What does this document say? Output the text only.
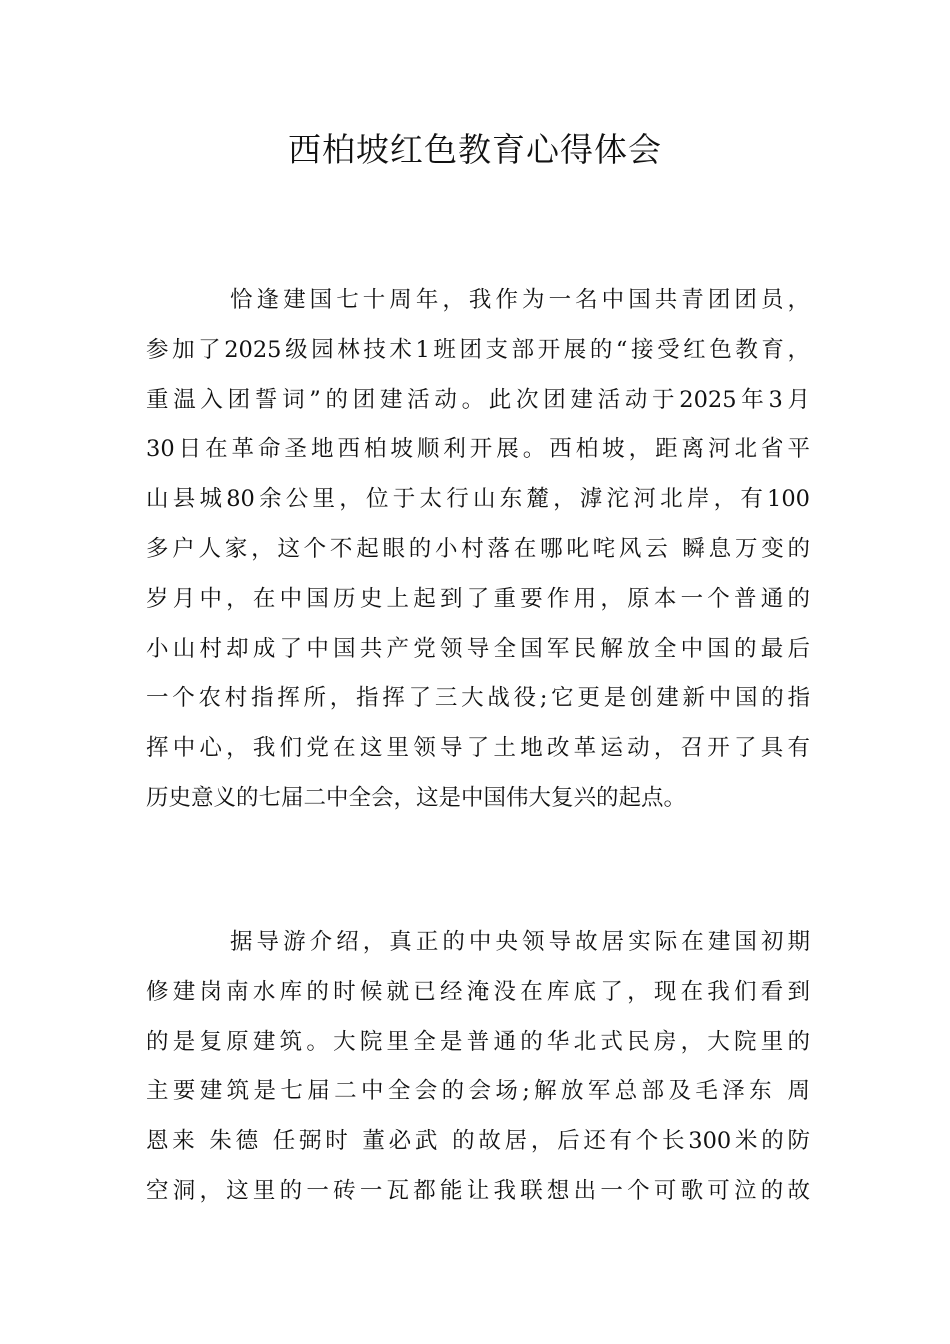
西柏坡红色教育心得体会
恰逢建国七十周年，我作为一名中国共青团团员，
参加了2025级园林技术1班团支部开展的“接受红色教育，
重温入团誓词”的团建活动。此次团建活动于2025年3月
30日在革命圣地西柏坡顺利开展。西柏坡，距离河北省平
山县城80余公里，位于太行山东麓，滹沱河北岸，有100
多户人家，这个不起眼的小村落在哪叱咤风云 瞬息万变的
岁月中，在中国历史上起到了重要作用，原本一个普通的
小山村却成了中国共产党领导全国军民解放全中国的最后
一个农村指挥所，指挥了三大战役;它更是创建新中国的指
挥中心，我们党在这里领导了土地改革运动，召开了具有
历史意义的七届二中全会，这是中国伟大复兴的起点。
据导游介绍，真正的中央领导故居实际在建国初期
修建岗南水库的时候就已经淹没在库底了，现在我们看到
的是复原建筑。大院里全是普通的华北式民房，大院里的
主要建筑是七届二中全会的会场;解放军总部及毛泽东 周
恩来 朱德 任弼时 董必武 的故居，后还有个长300米的防
空洞，这里的一砖一瓦都能让我联想出一个可歌可泣的故
